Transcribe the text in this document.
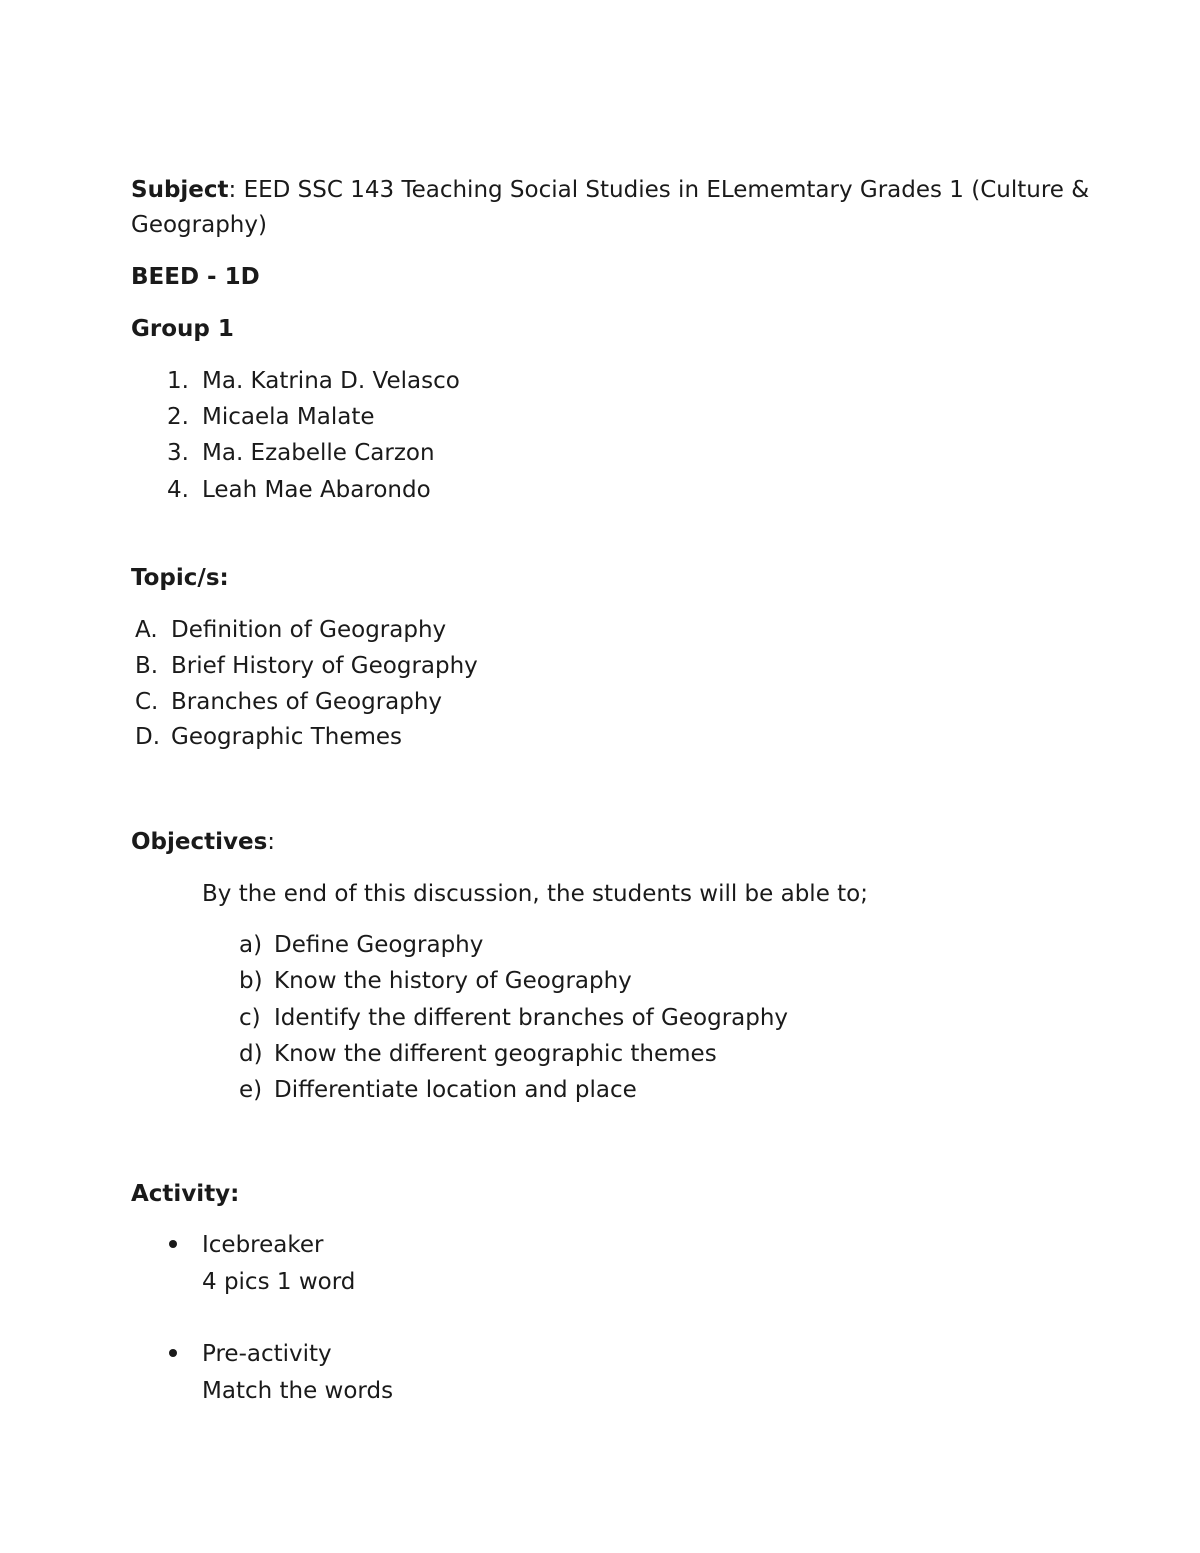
Subject: EED SSC 143 Teaching Social Studies in ELememtary Grades 1 (Culture &
Geography)
BEED - 1D
Group 1
1. Ma. Katrina D. Velasco
2. Micaela Malate
3. Ma. Ezabelle Carzon
4. Leah Mae Abarondo
Topic/s:
A. Definition of Geography
B. Brief History of Geography
C. Branches of Geography
D. Geographic Themes
Objectives:
By the end of this discussion, the students will be able to;
a) Define Geography
b) Know the history of Geography
c) Identify the different branches of Geography
d) Know the different geographic themes
e) Differentiate location and place
Activity:
Icebreaker
4 pics 1 word
Pre-activity
Match the words
